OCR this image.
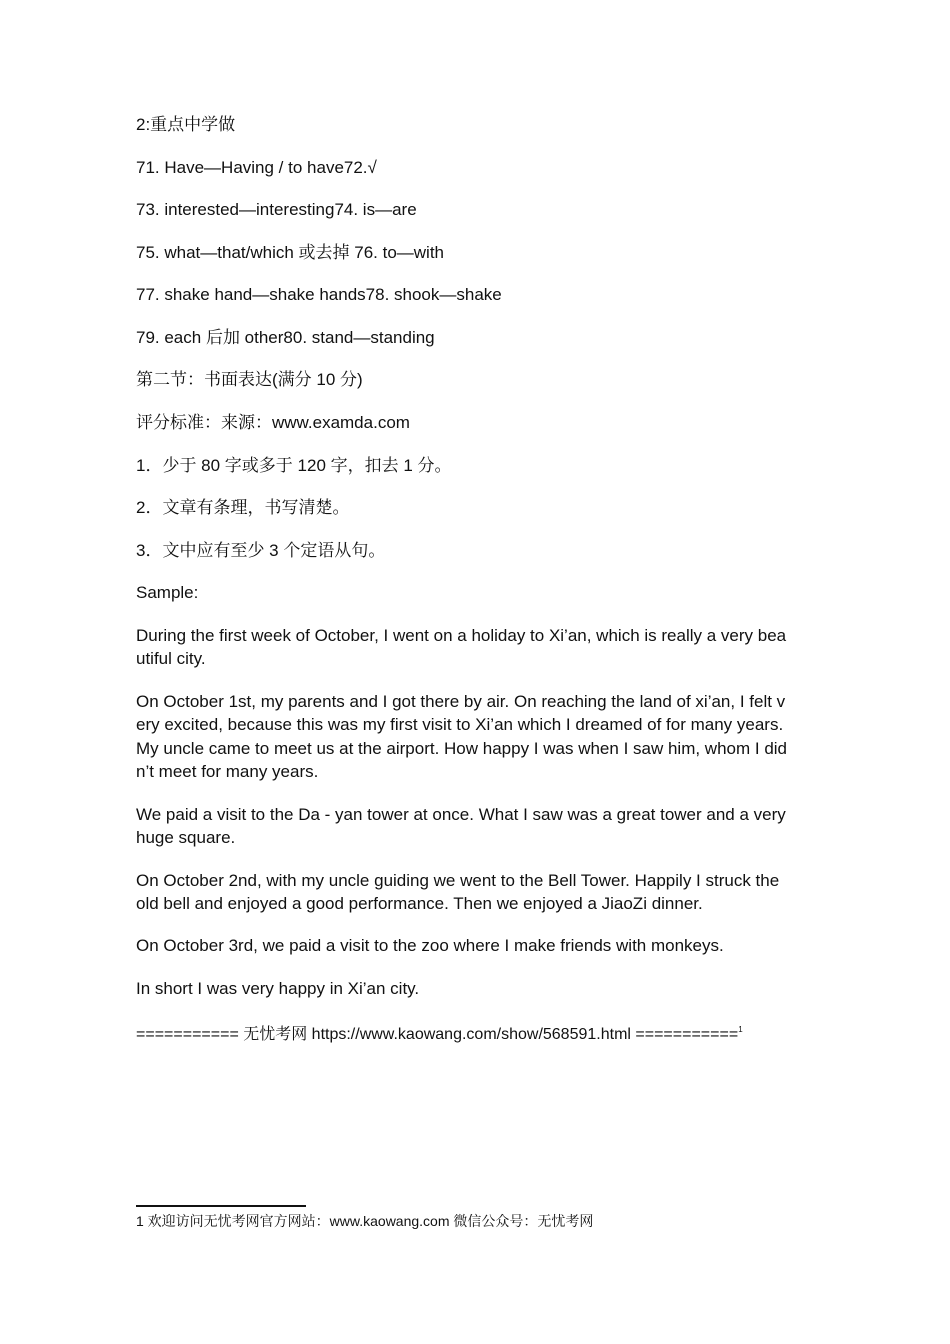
2:重点中学做
71. Have—Having / to have72.√
73. interested—interesting74. is—are
75. what—that/which 或去掉 76. to—with
77. shake hand—shake hands78. shook—shake
79. each 后加 other80. stand—standing
第二节：书面表达(满分 10 分)
评分标准：来源：www.examda.com
1．少于 80 字或多于 120 字，扣去 1 分。
2．文章有条理，书写清楚。
3．文中应有至少 3 个定语从句。
Sample:
During the first week of October, I went on a holiday to Xi’an, which is really a very bea
utiful city.
On October 1st, my parents and I got there by air. On reaching the land of xi’an, I felt v
ery excited, because this was my first visit to Xi’an which I dreamed of for many years.
My uncle came to meet us at the airport. How happy I was when I saw him, whom I did
n’t meet for many years.
We paid a visit to the Da - yan tower at once. What I saw was a great tower and a very
huge square.
On October 2nd, with my uncle guiding we went to the Bell Tower. Happily I struck the
old bell and enjoyed a good performance. Then we enjoyed a JiaoZi dinner.
On October 3rd, we paid a visit to the zoo where I make friends with monkeys.
In short I was very happy in Xi’an city.
=========== 无忧考网 https://www.kaowang.com/show/568591.html ===========$^1$
1 欢迎访问无忧考网官方网站：www.kaowang.com 微信公众号：无忧考网
